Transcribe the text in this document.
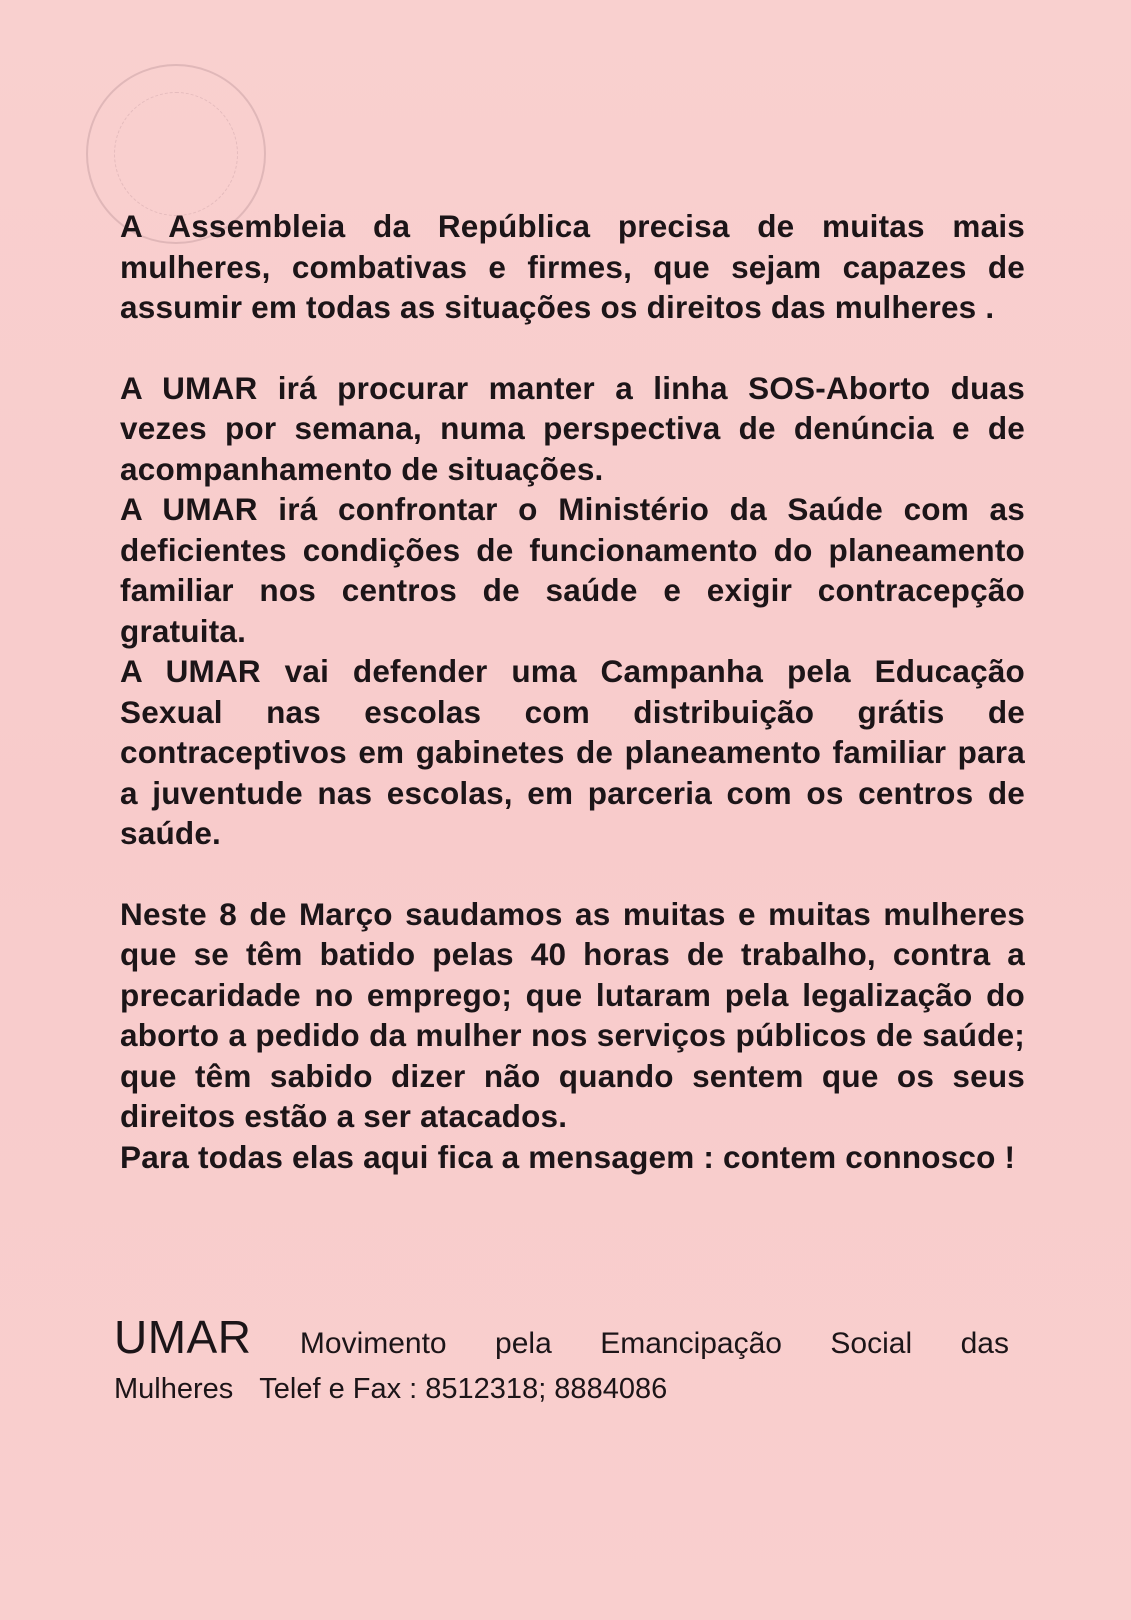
A Assembleia da República precisa de muitas mais mulheres, combativas e firmes, que sejam capazes de assumir em todas as situações os direitos das mulheres .

A UMAR irá procurar manter a linha SOS-Aborto duas vezes por semana, numa perspectiva de denúncia e de acompanhamento de situações.

A UMAR irá confrontar o Ministério da Saúde com as deficientes condições de funcionamento do planeamento familiar nos centros de saúde e exigir contracepção gratuita.

A UMAR vai defender uma Campanha pela Educação Sexual nas escolas com distribuição grátis de contraceptivos em gabinetes de planeamento familiar para a juventude nas escolas, em parceria com os centros de saúde.

Neste 8 de Março saudamos as muitas e muitas mulheres que se têm batido pelas 40 horas de trabalho, contra a precaridade no emprego; que lutaram pela legalização do aborto a pedido da mulher nos serviços públicos de saúde; que têm sabido dizer não quando sentem que os seus direitos estão a ser atacados.

Para todas elas aqui fica a mensagem : contem connosco !

UMAR Movimento pela Emancipação Social das
Mulheres Telef e Fax : 8512318; 8884086
